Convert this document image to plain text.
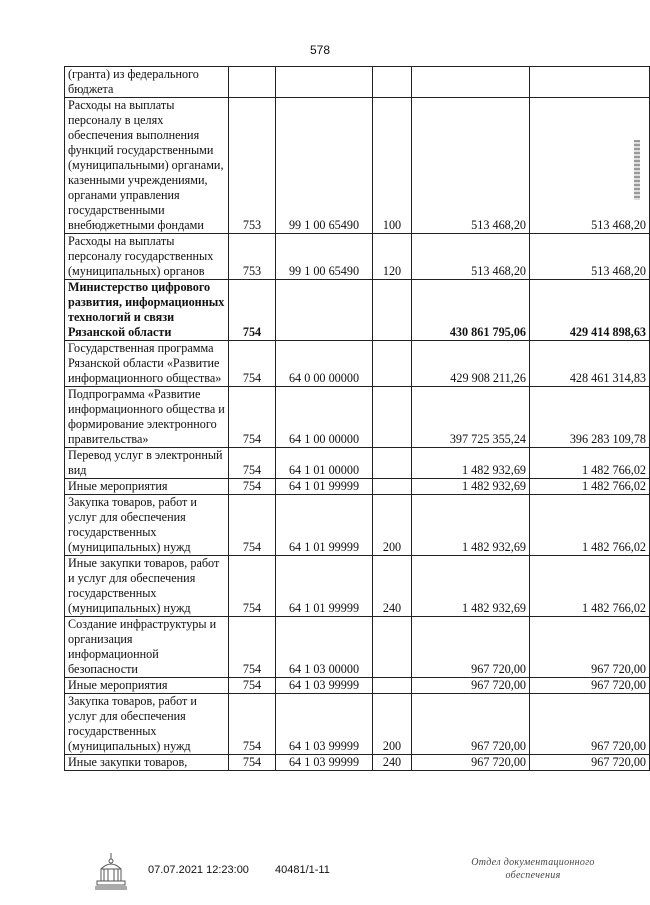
578
(гранта) из федерального бюджета					
Расходы на выплаты персоналу в целях обеспечения выполнения функций государственными (муниципальными) органами, казенными учреждениями, органами управления государственными внебюджетными фондами	753	99 1 00 65490	100	513 468,20	513 468,20
Расходы на выплаты персоналу государственных (муниципальных) органов	753	99 1 00 65490	120	513 468,20	513 468,20
Министерство цифрового развития, информационных технологий и связи Рязанской области	754			430 861 795,06	429 414 898,63
Государственная программа Рязанской области «Развитие информационного общества»	754	64 0 00 00000		429 908 211,26	428 461 314,83
Подпрограмма «Развитие информационного общества и формирование электронного правительства»	754	64 1 00 00000		397 725 355,24	396 283 109,78
Перевод услуг в электронный вид	754	64 1 01 00000		1 482 932,69	1 482 766,02
Иные мероприятия	754	64 1 01 99999		1 482 932,69	1 482 766,02
Закупка товаров, работ и услуг для обеспечения государственных (муниципальных) нужд	754	64 1 01 99999	200	1 482 932,69	1 482 766,02
Иные закупки товаров, работ и услуг для обеспечения государственных (муниципальных) нужд	754	64 1 01 99999	240	1 482 932,69	1 482 766,02
Создание инфраструктуры и организация информационной безопасности	754	64 1 03 00000		967 720,00	967 720,00
Иные мероприятия	754	64 1 03 99999		967 720,00	967 720,00
Закупка товаров, работ и услуг для обеспечения государственных (муниципальных) нужд	754	64 1 03 99999	200	967 720,00	967 720,00
Иные закупки товаров,	754	64 1 03 99999	240	967 720,00	967 720,00
07.07.2021 12:23:00 40481/1-11
Отдел документационного
обеспечения
